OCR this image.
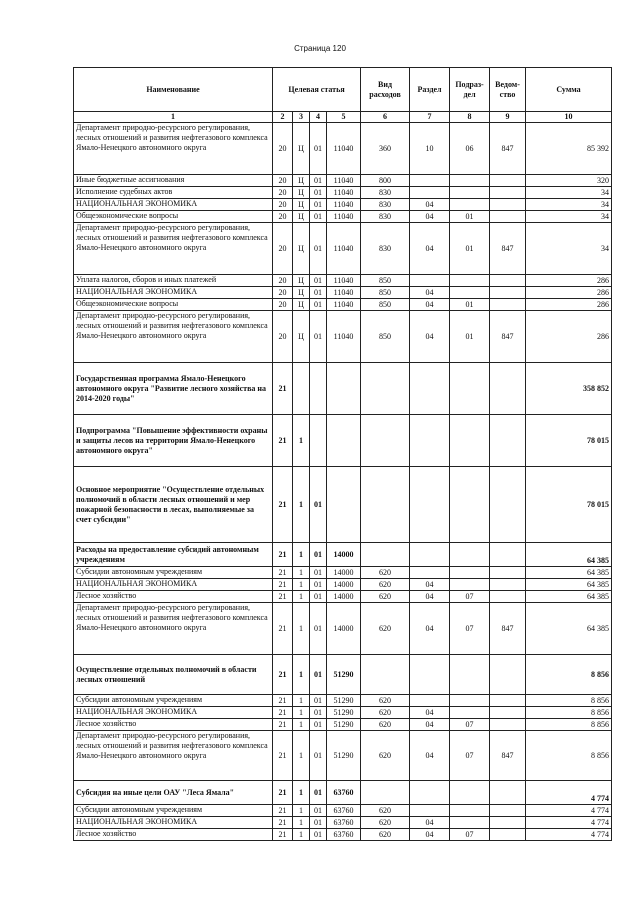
Страница 120
Наименование	Целевая статья				Вид расходов	Раздел	Подраз-дел	Ведом-ство	Сумма
1	2	3	4	5	6	7	8	9	10
Департамент природно-ресурсного регулирования, лесных отношений и развития нефтегазового комплекса Ямало-Ненецкого автономного округа	20	Ц	01	11040	360	10	06	847	85 392
Иные бюджетные ассигнования	20	Ц	01	11040	800				320
Исполнение судебных актов	20	Ц	01	11040	830				34
НАЦИОНАЛЬНАЯ ЭКОНОМИКА	20	Ц	01	11040	830	04			34
Общеэкономические вопросы	20	Ц	01	11040	830	04	01		34
Департамент природно-ресурсного регулирования, лесных отношений и развития нефтегазового комплекса Ямало-Ненецкого автономного округа	20	Ц	01	11040	830	04	01	847	34
Уплата налогов, сборов и иных платежей	20	Ц	01	11040	850				286
НАЦИОНАЛЬНАЯ ЭКОНОМИКА	20	Ц	01	11040	850	04			286
Общеэкономические вопросы	20	Ц	01	11040	850	04	01		286
Департамент природно-ресурсного регулирования, лесных отношений и развития нефтегазового комплекса Ямало-Ненецкого автономного округа	20	Ц	01	11040	850	04	01	847	286
Государственная программа Ямало-Ненецкого автономного округа "Развитие лесного хозяйства на 2014-2020 годы"	21								358 852
Подпрограмма "Повышение эффективности охраны и защиты лесов на территории Ямало-Ненецкого автономного округа"	21	1							78 015
Основное мероприятие "Осуществление отдельных полномочий в области лесных отношений и мер пожарной безопасности в лесах, выполняемые за счет субсидии"	21	1	01						78 015
Расходы на предоставление субсидий автономным учреждениям	21	1	01	14000					64 385
Субсидии автономным учреждениям	21	1	01	14000	620				64 385
НАЦИОНАЛЬНАЯ ЭКОНОМИКА	21	1	01	14000	620	04			64 385
Лесное хозяйство	21	1	01	14000	620	04	07		64 385
Департамент природно-ресурсного регулирования, лесных отношений и развития нефтегазового комплекса Ямало-Ненецкого автономного округа	21	1	01	14000	620	04	07	847	64 385
Осуществление отдельных полномочий в области лесных отношений	21	1	01	51290					8 856
Субсидии автономным учреждениям	21	1	01	51290	620				8 856
НАЦИОНАЛЬНАЯ ЭКОНОМИКА	21	1	01	51290	620	04			8 856
Лесное хозяйство	21	1	01	51290	620	04	07		8 856
Департамент природно-ресурсного регулирования, лесных отношений и развития нефтегазового комплекса Ямало-Ненецкого автономного округа	21	1	01	51290	620	04	07	847	8 856
Субсидия на иные цели ОАУ "Леса Ямала"	21	1	01	63760					4 774
Субсидии автономным учреждениям	21	1	01	63760	620				4 774
НАЦИОНАЛЬНАЯ ЭКОНОМИКА	21	1	01	63760	620	04			4 774
Лесное хозяйство	21	1	01	63760	620	04	07		4 774
